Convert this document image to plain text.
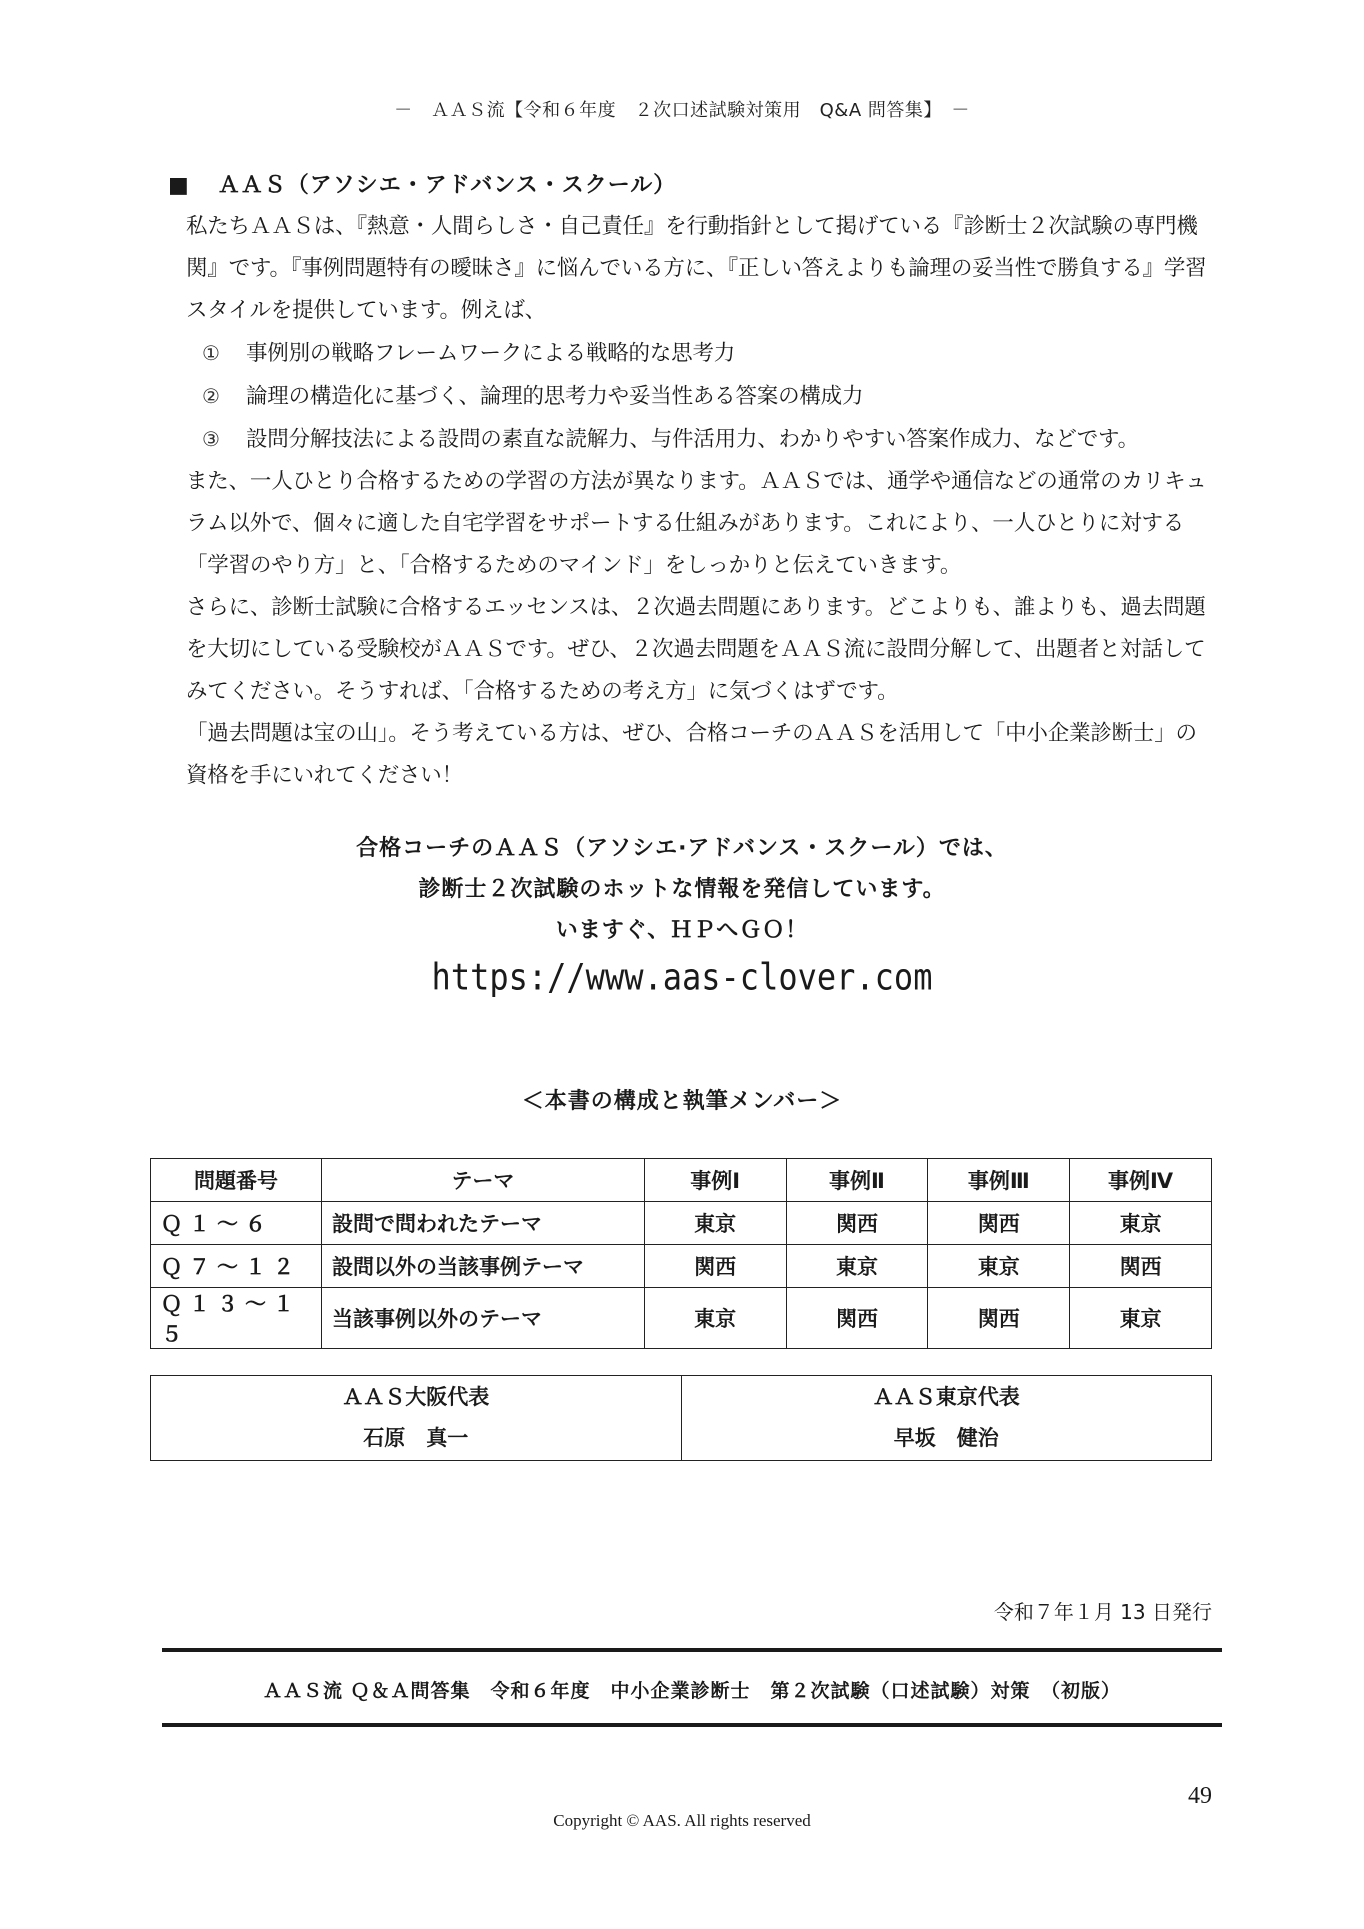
－　ＡＡＳ流【令和６年度　２次口述試験対策用　Q&A 問答集】　－
■ ＡＡＳ（アソシエ・アドバンス・スクール）

私たちＡＡＳは、『熱意・人間らしさ・自己責任』を行動指針として掲げている『診断士２次試験の専門機関』です。『事例問題特有の曖昧さ』に悩んでいる方に、『正しい答えよりも論理の妥当性で勝負する』学習スタイルを提供しています。例えば、

①	事例別の戦略フレームワークによる戦略的な思考力

②	論理の構造化に基づく、論理的思考力や妥当性ある答案の構成力

③	設問分解技法による設問の素直な読解力、与件活用力、わかりやすい答案作成力、などです。

また、一人ひとり合格するための学習の方法が異なります。ＡＡＳでは、通学や通信などの通常のカリキュラム以外で、個々に適した自宅学習をサポートする仕組みがあります。これにより、一人ひとりに対する「学習のやり方」と、「合格するためのマインド」をしっかりと伝えていきます。

さらに、診断士試験に合格するエッセンスは、２次過去問題にあります。どこよりも、誰よりも、過去問題を大切にしている受験校がＡＡＳです。ぜひ、２次過去問題をＡＡＳ流に設問分解して、出題者と対話してみてください。そうすれば、「合格するための考え方」に気づくはずです。

「過去問題は宝の山」。そう考えている方は、ぜひ、合格コーチのＡＡＳを活用して「中小企業診断士」の資格を手にいれてください！

合格コーチのＡＡＳ（アソシエ·アドバンス・スクール）では、
診断士２次試験のホットな情報を発信しています。
いますぐ、ＨＰへＧＯ！
https://www.aas-clover.com
＜本書の構成と執筆メンバー＞
問題番号	テーマ	事例Ⅰ	事例Ⅱ	事例Ⅲ	事例Ⅳ
Ｑ１～６	設問で問われたテーマ	東京	関西	関西	東京
Ｑ７～１２	設問以外の当該事例テーマ	関西	東京	東京	関西
Ｑ１３～１５	当該事例以外のテーマ	東京	関西	関西	東京
ＡＡＳ大阪代表
石原　真一

ＡＡＳ東京代表
早坂　健治
令和７年１月 13 日発行
ＡＡＳ流 Ｑ＆Ａ問答集　令和６年度　中小企業診断士　第２次試験（口述試験）対策　（初版）
49
Copyright © AAS. All rights reserved
